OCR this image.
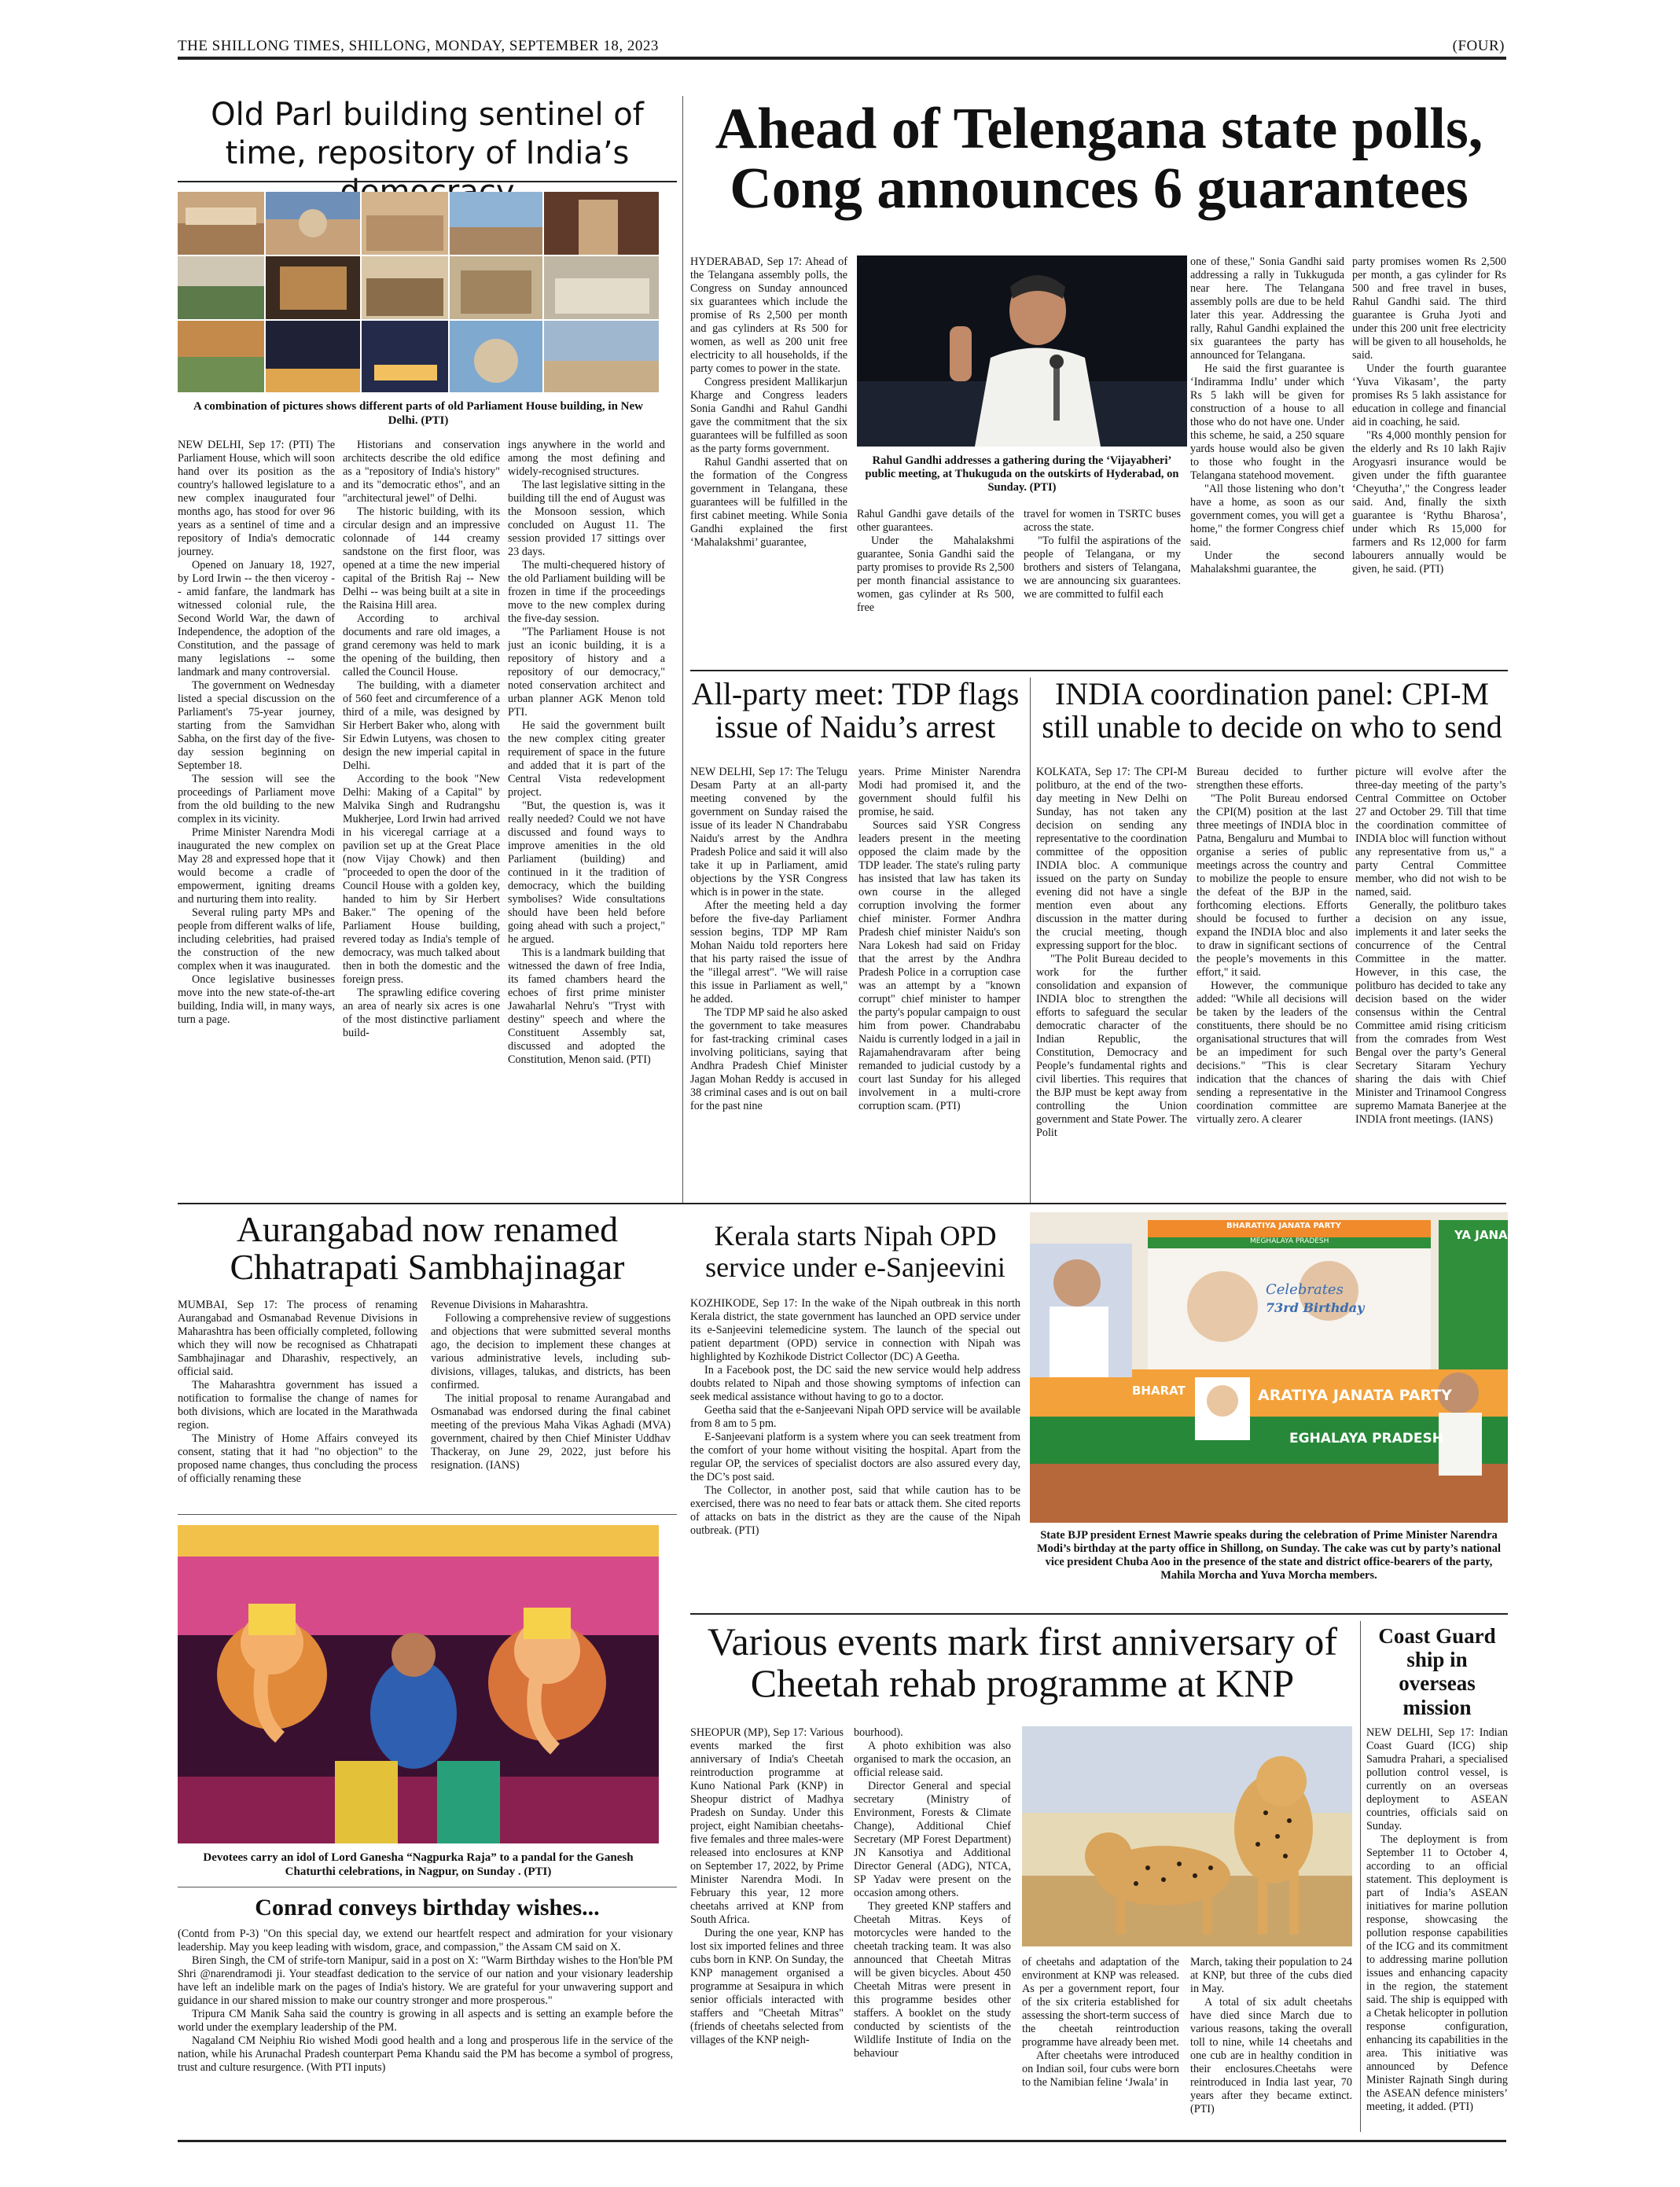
THE SHILLONG TIMES, SHILLONG, MONDAY, SEPTEMBER 18, 2023	(FOUR)
Old Parl building sentinel of time, repository of India’s
A combination of pictures shows different parts of old Parliament House building, in New Delhi. (PTI)

NEW DELHI, Sep 17: (PTI) The Parliament House, which will soon hand over its position as the country's hallowed legislature to a new complex inaugurated four months ago, has stood for over 96 years as a sentinel of time and a repository of India's democratic journey.

Opened on January 18, 1927, by Lord Irwin -- the then viceroy -- amid fanfare, the landmark has witnessed colonial rule, the Second World War, the dawn of Independence, the adoption of the Constitution, and the passage of many legislations -- some landmark and many controversial.

The government on Wednesday listed a special discussion on the Parliament's 75-year journey, starting from the Samvidhan Sabha, on the first day of the five-day session beginning on September 18.

The session will see the proceedings of Parliament move from the old building to the new complex in its vicinity.

Prime Minister Narendra Modi inaugurated the new complex on May 28 and expressed hope that it would become a cradle of empowerment, igniting dreams and nurturing them into reality.

Several ruling party MPs and people from different walks of life, including celebrities, had praised the construction of the new complex when it was inaugurated.

Once legislative businesses move into the new state-of-the-art building, India will, in many ways, turn a page.

Historians and conservation architects describe the old edifice as a "repository of India's history" and its "democratic ethos", and an "architectural jewel" of Delhi.

The historic building, with its circular design and an impressive colonnade of 144 creamy sandstone on the first floor, was opened at a time the new imperial capital of the British Raj -- New Delhi -- was being built at a site in the Raisina Hill area.

According to archival documents and rare old images, a grand ceremony was held to mark the opening of the building, then called the Council House.

The building, with a diameter of 560 feet and circumference of a third of a mile, was designed by Sir Herbert Baker who, along with Sir Edwin Lutyens, was chosen to design the new imperial capital in Delhi.

According to the book "New Delhi: Making of a Capital" by Malvika Singh and Rudrangshu Mukherjee, Lord Irwin had arrived in his viceregal carriage at a pavilion set up at the Great Place (now Vijay Chowk) and then "proceeded to open the door of the Council House with a golden key, handed to him by Sir Herbert Baker." The opening of the Parliament House building, revered today as India's temple of democracy, was much talked about then in both the domestic and the foreign press.

The sprawling edifice covering an area of nearly six acres is one of the most distinctive parliament build-

ings anywhere in the world and among the most defining and widely-recognised structures.

The last legislative sitting in the building till the end of August was the Monsoon session, which concluded on August 11. The session provided 17 sittings over 23 days.

The multi-chequered history of the old Parliament building will be frozen in time if the proceedings move to the new complex during the five-day session.

"The Parliament House is not just an iconic building, it is a repository of history and a repository of our democracy," noted conservation architect and urban planner AGK Menon told PTI.

He said the government built the new complex citing greater requirement of space in the future and added that it is part of the Central Vista redevelopment project.

"But, the question is, was it really needed? Could we not have discussed and found ways to improve amenities in the old Parliament (building) and continued in it the tradition of democracy, which the building symbolises? Wide consultations should have been held before going ahead with such a project," he argued.

This is a landmark building that witnessed the dawn of free India, its famed chambers heard the echoes of first prime minister Jawaharlal Nehru's "Tryst with destiny" speech and where the Constituent Assembly sat, discussed and adopted the Constitution, Menon said. (PTI)

Ahead of Telengana state polls, Cong announces 6 guarantees

HYDERABAD, Sep 17: Ahead of the Telangana assembly polls, the Congress on Sunday announced six guarantees which include the promise of Rs 2,500 per month and gas cylinders at Rs 500 for women, as well as 200 unit free electricity to all households, if the party comes to power in the state.

Congress president Mallikarjun Kharge and Congress leaders Sonia Gandhi and Rahul Gandhi gave the commitment that the six guarantees will be fulfilled as soon as the party forms government.

Rahul Gandhi asserted that on the formation of the Congress government in Telangana, these guarantees will be fulfilled in the first cabinet meeting. While Sonia Gandhi explained the first ‘Mahalakshmi’ guarantee,

Rahul Gandhi addresses a gathering during the ‘Vijayabheri’ public meeting, at Thukuguda on the outskirts of Hyderabad, on Sunday. (PTI)

Rahul Gandhi gave details of the other guarantees.

Under the Mahalakshmi guarantee, Sonia Gandhi said the party promises to provide Rs 2,500 per month financial assistance to women, gas cylinder at Rs 500, free

travel for women in TSRTC buses across the state.

"To fulfil the aspirations of the people of Telangana, or my brothers and sisters of Telangana, we are announcing six guarantees. we are committed to fulfil each

one of these," Sonia Gandhi said addressing a rally in Tukkuguda near here. The Telangana assembly polls are due to be held later this year. Addressing the rally, Rahul Gandhi explained the six guarantees the party has announced for Telangana.

He said the first guarantee is ‘Indiramma Indlu’ under which Rs 5 lakh will be given for construction of a house to all those who do not have one. Under this scheme, he said, a 250 square yards house would also be given to those who fought in the Telangana statehood movement.

"All those listening who don’t have a home, as soon as our government comes, you will get a home," the former Congress chief said.

Under the second Mahalakshmi guarantee, the

party promises women Rs 2,500 per month, a gas cylinder for Rs 500 and free travel in buses, Rahul Gandhi said. The third guarantee is Gruha Jyoti and under this 200 unit free electricity will be given to all households, he said.

Under the fourth guarantee ‘Yuva Vikasam’, the party promises Rs 5 lakh assistance for education in college and financial aid in coaching, he said.

"Rs 4,000 monthly pension for the elderly and Rs 10 lakh Rajiv Arogyasri insurance would be given under the fifth guarantee ‘Cheyutha’," the Congress leader said. And, finally the sixth guarantee is ‘Rythu Bharosa’, under which Rs 15,000 for farmers and Rs 12,000 for farm labourers annually would be given, he said. (PTI)

All-party meet: TDP flags issue of Naidu’s arrest

NEW DELHI, Sep 17: The Telugu Desam Party at an all-party meeting convened by the government on Sunday raised the issue of its leader N Chandrababu Naidu's arrest by the Andhra Pradesh Police and said it will also take it up in Parliament, amid objections by the YSR Congress which is in power in the state.

After the meeting held a day before the five-day Parliament session begins, TDP MP Ram Mohan Naidu told reporters here that his party raised the issue of the "illegal arrest". "We will raise this issue in Parliament as well," he added.

The TDP MP said he also asked the government to take measures for fast-tracking criminal cases involving politicians, saying that Andhra Pradesh Chief Minister Jagan Mohan Reddy is accused in 38 criminal cases and is out on bail for the past nine

years. Prime Minister Narendra Modi had promised it, and the government should fulfil his promise, he said.

Sources said YSR Congress leaders present in the meeting opposed the claim made by the TDP leader. The state's ruling party has insisted that law has taken its own course in the alleged corruption involving the former chief minister. Former Andhra Pradesh chief minister Naidu's son Nara Lokesh had said on Friday that the arrest by the Andhra Pradesh Police in a corruption case was an attempt by a "known corrupt" chief minister to hamper the party's popular campaign to oust him from power. Chandrababu Naidu is currently lodged in a jail in Rajamahendravaram after being remanded to judicial custody by a court last Sunday for his alleged involvement in a multi-crore corruption scam. (PTI)

INDIA coordination panel: CPI-M still unable to decide on who to send

KOLKATA, Sep 17: The CPI-M politburo, at the end of the two-day meeting in New Delhi on Sunday, has not taken any decision on sending any representative to the coordination committee of the opposition INDIA bloc. A communique issued on the party on Sunday evening did not have a single mention even about any discussion in the matter during the crucial meeting, though expressing support for the bloc.

"The Polit Bureau decided to work for the further consolidation and expansion of INDIA bloc to strengthen the efforts to safeguard the secular democratic character of the Indian Republic, the Constitution, Democracy and People’s fundamental rights and civil liberties. This requires that the BJP must be kept away from controlling the Union government and State Power. The Polit

Bureau decided to further strengthen these efforts.

"The Polit Bureau endorsed the CPI(M) position at the last three meetings of INDIA bloc in Patna, Bengaluru and Mumbai to organise a series of public meetings across the country and to mobilize the people to ensure the defeat of the BJP in the forthcoming elections. Efforts should be focused to further expand the INDIA bloc and also to draw in significant sections of the people’s movements in this effort," it said.

However, the communique added: "While all decisions will be taken by the leaders of the constituents, there should be no organisational structures that will be an impediment for such decisions." "This is clear indication that the chances of sending a representative in the coordination committee are virtually zero. A clearer

picture will evolve after the three-day meeting of the party’s Central Committee on October 27 and October 29. Till that time the coordination committee of INDIA bloc will function without any representative from us," a party Central Committee member, who did not wish to be named, said.

Generally, the politburo takes a decision on any issue, implements it and later seeks the concurrence of the Central Committee in the matter. However, in this case, the politburo has decided to take any decision based on the wider consensus within the Central Committee amid rising criticism from the comrades from West Bengal over the party’s General Secretary Sitaram Yechury sharing the dais with Chief Minister and Trinamool Congress supremo Mamata Banerjee at the INDIA front meetings. (IANS)

Aurangabad now renamed Chhatrapati Sambhajinagar

MUMBAI, Sep 17: The process of renaming Aurangabad and Osmanabad Revenue Divisions in Maharashtra has been officially completed, following which they will now be recognised as Chhatrapati Sambhajinagar and Dharashiv, respectively, an official said.

The Maharashtra government has issued a notification to formalise the change of names for both divisions, which are located in the Marathwada region.

The Ministry of Home Affairs conveyed its consent, stating that it had "no objection" to the proposed name changes, thus concluding the process of officially renaming these

Revenue Divisions in Maharashtra.

Following a comprehensive review of suggestions and objections that were submitted several months ago, the decision to implement these changes at various administrative levels, including sub-divisions, villages, talukas, and districts, has been confirmed.

The initial proposal to rename Aurangabad and Osmanabad was endorsed during the final cabinet meeting of the previous Maha Vikas Aghadi (MVA) government, chaired by then Chief Minister Uddhav Thackeray, on June 29, 2022, just before his resignation. (IANS)

Devotees carry an idol of Lord Ganesha “Nagpurka Raja” to a pandal for the Ganesh Chaturthi celebrations, in Nagpur, on Sunday . (PTI)
Conrad conveys birthday wishes...

(Contd from P-3) "On this special day, we extend our heartfelt respect and admiration for your visionary leadership. May you keep leading with wisdom, grace, and compassion," the Assam CM said on X.

Biren Singh, the CM of strife-torn Manipur, said in a post on X: "Warm Birthday wishes to the Hon'ble PM Shri @narendramodi ji. Your steadfast dedication to the service of our nation and your visionary leadership have left an indelible mark on the pages of India's history. We are grateful for your unwavering support and guidance in our shared mission to make our country stronger and more prosperous."

Tripura CM Manik Saha said the country is growing in all aspects and is setting an example before the world under the exemplary leadership of the PM.

Nagaland CM Neiphiu Rio wished Modi good health and a long and prosperous life in the service of the nation, while his Arunachal Pradesh counterpart Pema Khandu said the PM has become a symbol of progress, trust and culture resurgence. (With PTI inputs)

Kerala starts Nipah OPD service under e-Sanjeevini

KOZHIKODE, Sep 17: In the wake of the Nipah outbreak in this north Kerala district, the state government has launched an OPD service under its e-Sanjeevini telemedicine system. The launch of the special out patient department (OPD) service in connection with Nipah was highlighted by Kozhikode District Collector (DC) A Geetha.

In a Facebook post, the DC said the new service would help address doubts related to Nipah and those showing symptoms of infection can seek medical assistance without having to go to a doctor.

Geetha said that the e-Sanjeevani Nipah OPD service will be available from 8 am to 5 pm.

E-Sanjeevani platform is a system where you can seek treatment from the comfort of your home without visiting the hospital. Apart from the regular OP, the services of specialist doctors are also assured every day, the DC’s post said.

The Collector, in another post, said that while caution has to be exercised, there was no need to fear bats or attack them. She cited reports of attacks on bats in the district as they are the cause of the Nipah outbreak. (PTI)

BHARATIYA JANATA PARTY
MEGHALAYA PRADESH
Celebrates
73rd Birthday
YA JANA
BHARAT	ARATIYA JANATA PARTY
EGHALAYA PRADESH
State BJP president Ernest Mawrie speaks during the celebration of Prime Minister Narendra Modi’s birthday at the party office in Shillong, on Sunday. The cake was cut by party’s national vice president Chuba Aoo in the presence of the state and district office-bearers of the party, Mahila Morcha and Yuva Morcha members.
Various events mark first anniversary of Cheetah rehab programme at KNP

SHEOPUR (MP), Sep 17: Various events marked the first anniversary of India's Cheetah reintroduction programme at Kuno National Park (KNP) in Sheopur district of Madhya Pradesh on Sunday. Under this project, eight Namibian cheetahs-five females and three males-were released into enclosures at KNP on September 17, 2022, by Prime Minister Narendra Modi. In February this year, 12 more cheetahs arrived at KNP from South Africa.

During the one year, KNP has lost six imported felines and three cubs born in KNP. On Sunday, the KNP management organised a programme at Sesaipura in which senior officials interacted with staffers and "Cheetah Mitras" (friends of cheetahs selected from villages of the KNP neigh-

bourhood).

A photo exhibition was also organised to mark the occasion, an official release said.

Director General and special secretary (Ministry of Environment, Forests & Climate Change), Additional Chief Secretary (MP Forest Department) JN Kansotiya and Additional Director General (ADG), NTCA, SP Yadav were present on the occasion among others.

They greeted KNP staffers and Cheetah Mitras. Keys of motorcycles were handed to the cheetah tracking team. It was also announced that Cheetah Mitras will be given bicycles. About 450 Cheetah Mitras were present in this programme besides other staffers. A booklet on the study conducted by scientists of the Wildlife Institute of India on the behaviour

of cheetahs and adaptation of the environment at KNP was released. As per a government report, four of the six criteria established for assessing the short-term success of the cheetah reintroduction programme have already been met.

After cheetahs were introduced on Indian soil, four cubs were born to the Namibian feline ‘Jwala’ in

March, taking their population to 24 at KNP, but three of the cubs died in May.

A total of six adult cheetahs have died since March due to various reasons, taking the overall toll to nine, while 14 cheetahs and one cub are in healthy condition in their enclosures.Cheetahs were reintroduced in India last year, 70 years after they became extinct. (PTI)

Coast Guard ship in overseas mission

NEW DELHI, Sep 17: Indian Coast Guard (ICG) ship Samudra Prahari, a specialised pollution control vessel, is currently on an overseas deployment to ASEAN countries, officials said on Sunday.

The deployment is from September 11 to October 4, according to an official statement. This deployment is part of India’s ASEAN initiatives for marine pollution response, showcasing the pollution response capabilities of the ICG and its commitment to addressing marine pollution issues and enhancing capacity in the region, the statement said. The ship is equipped with a Chetak helicopter in pollution response configuration, enhancing its capabilities in the area. This initiative was announced by Defence Minister Rajnath Singh during the ASEAN defence ministers’ meeting, it added. (PTI)
